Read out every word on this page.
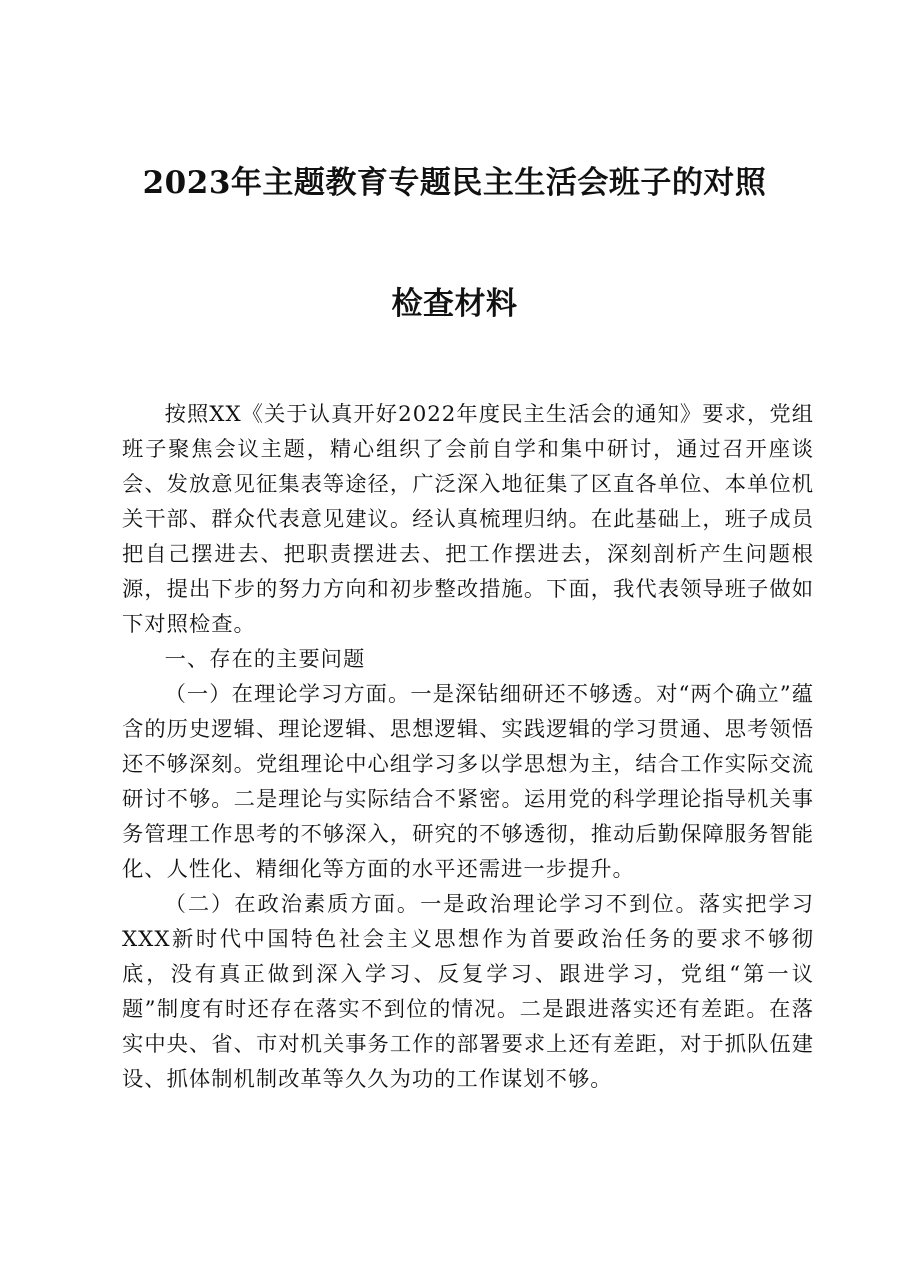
2023年主题教育专题民主生活会班子的对照
检查材料

按照XX《关于认真开好2022年度民主生活会的通知》要求，党组班子聚焦会议主题，精心组织了会前自学和集中研讨，通过召开座谈会、发放意见征集表等途径，广泛深入地征集了区直各单位、本单位机关干部、群众代表意见建议。经认真梳理归纳。在此基础上，班子成员把自己摆进去、把职责摆进去、把工作摆进去，深刻剖析产生问题根源，提出下步的努力方向和初步整改措施。下面，我代表领导班子做如下对照检查。

一、存在的主要问题

（一）在理论学习方面。一是深钻细研还不够透。对“两个确立”蕴含的历史逻辑、理论逻辑、思想逻辑、实践逻辑的学习贯通、思考领悟还不够深刻。党组理论中心组学习多以学思想为主，结合工作实际交流研讨不够。二是理论与实际结合不紧密。运用党的科学理论指导机关事务管理工作思考的不够深入，研究的不够透彻，推动后勤保障服务智能化、人性化、精细化等方面的水平还需进一步提升。

（二）在政治素质方面。一是政治理论学习不到位。落实把学习XXX新时代中国特色社会主义思想作为首要政治任务的要求不够彻底，没有真正做到深入学习、反复学习、跟进学习，党组“第一议题”制度有时还存在落实不到位的情况。二是跟进落实还有差距。在落实中央、省、市对机关事务工作的部署要求上还有差距，对于抓队伍建设、抓体制机制改革等久久为功的工作谋划不够。
